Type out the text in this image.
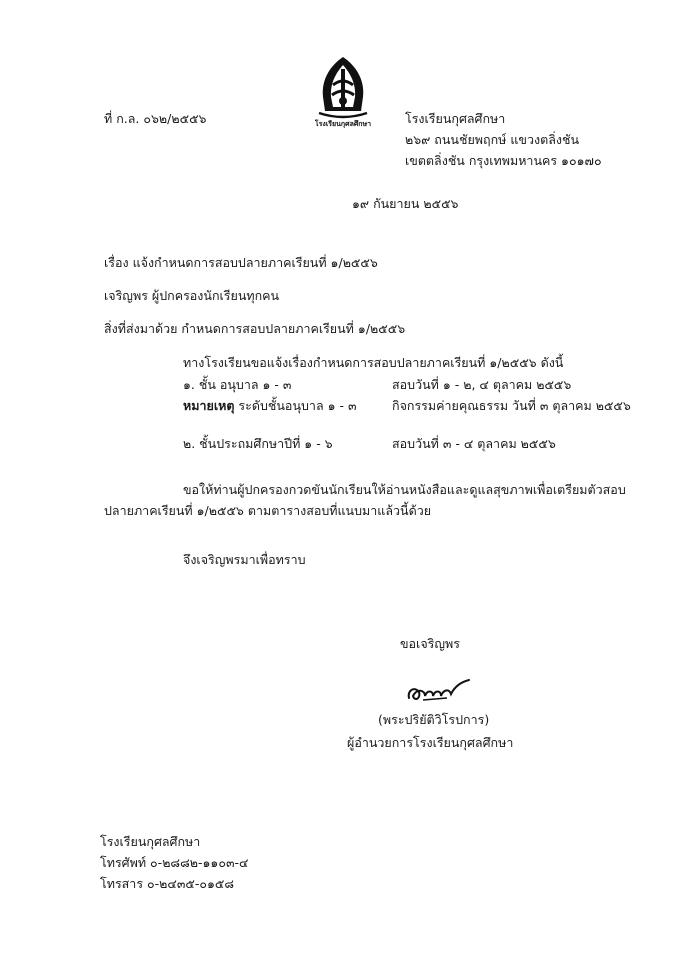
ที่ ก.ล. ๐๖๒/๒๕๕๖	โรงเรียนกุศลศึกษา	โรงเรียนกุศลศึกษา
๒๖๙ ถนนชัยพฤกษ์ แขวงตลิ่งชัน
เขตตลิ่งชัน กรุงเทพมหานคร ๑๐๑๗๐
๑๙ กันยายน ๒๕๕๖
เรื่อง แจ้งกำหนดการสอบปลายภาคเรียนที่ ๑/๒๕๕๖
เจริญพร ผู้ปกครองนักเรียนทุกคน
สิ่งที่ส่งมาด้วย กำหนดการสอบปลายภาคเรียนที่ ๑/๒๕๕๖
ทางโรงเรียนขอแจ้งเรื่องกำหนดการสอบปลายภาคเรียนที่ ๑/๒๕๕๖ ดังนี้
๑. ชั้น อนุบาล ๑ - ๓	สอบวันที่ ๑ - ๒, ๔ ตุลาคม ๒๕๕๖
หมายเหตุ ระดับชั้นอนุบาล ๑ - ๓	กิจกรรมค่ายคุณธรรม วันที่ ๓ ตุลาคม ๒๕๕๖
๒. ชั้นประถมศึกษาปีที่ ๑ - ๖	สอบวันที่ ๓ - ๔ ตุลาคม ๒๕๕๖
ขอให้ท่านผู้ปกครองกวดขันนักเรียนให้อ่านหนังสือและดูแลสุขภาพเพื่อเตรียมตัวสอบ
ปลายภาคเรียนที่ ๑/๒๕๕๖ ตามตารางสอบที่แนบมาแล้วนี้ด้วย
จึงเจริญพรมาเพื่อทราบ
ขอเจริญพร
(พระปริยัติวิโรปการ)
ผู้อำนวยการโรงเรียนกุศลศึกษา
โรงเรียนกุศลศึกษา
โทรศัพท์ ๐-๒๘๘๒-๑๑๐๓-๔
โทรสาร ๐-๒๔๓๕-๐๑๕๘
